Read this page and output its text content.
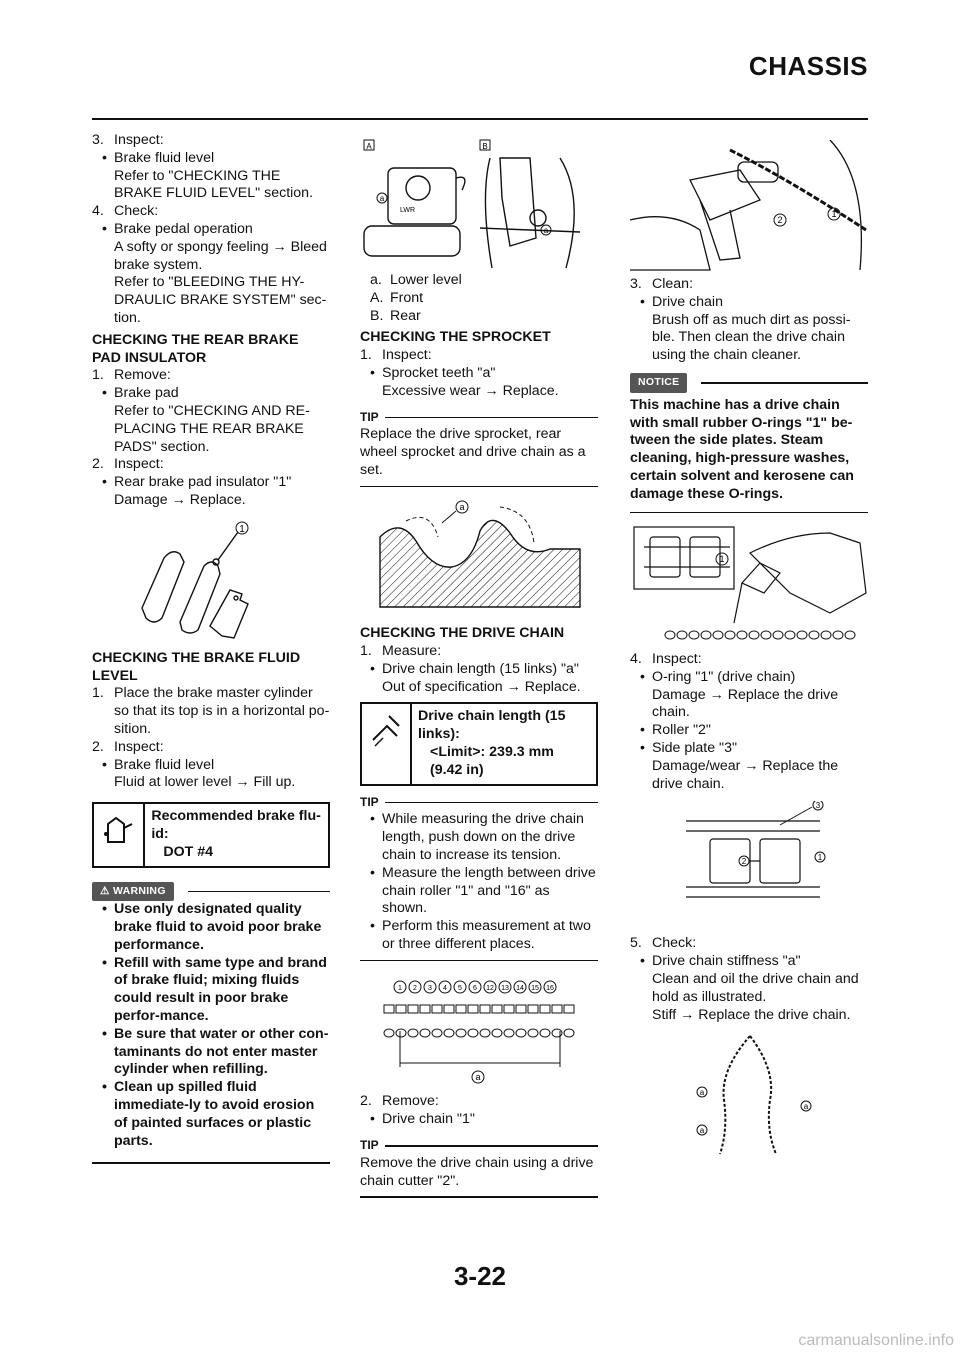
CHASSIS
3. Inspect:
• Brake fluid level
Refer to "CHECKING THE BRAKE FLUID LEVEL" section.
4. Check:
• Brake pedal operation
A softy or spongy feeling → Bleed brake system.
Refer to "BLEEDING THE HY-DRAULIC BRAKE SYSTEM" sec-tion.
CHECKING THE REAR BRAKE PAD INSULATOR
1. Remove:
• Brake pad
Refer to "CHECKING AND RE-PLACING THE REAR BRAKE PADS" section.
2. Inspect:
• Rear brake pad insulator "1"
Damage → Replace.
1
CHECKING THE BRAKE FLUID LEVEL
1. Place the brake master cylinder so that its top is in a horizontal po-sition.
2. Inspect:
• Brake fluid level
Fluid at lower level → Fill up.
Recommended brake flu-id:
DOT #4
⚠ WARNING
• Use only designated quality brake fluid to avoid poor brake performance.
• Refill with same type and brand of brake fluid; mixing fluids could result in poor brake perfor-mance.
• Be sure that water or other con-taminants do not enter master cylinder when refilling.
• Clean up spilled fluid immediate-ly to avoid erosion of painted surfaces or plastic parts.
A	B
LWR
a
a
a. Lower level
A. Front
B. Rear
CHECKING THE SPROCKET
1. Inspect:
• Sprocket teeth "a"
Excessive wear → Replace.
TIP
Replace the drive sprocket, rear wheel sprocket and drive chain as a set.
a
CHECKING THE DRIVE CHAIN
1. Measure:
• Drive chain length (15 links) "a"
Out of specification → Replace.
Drive chain length (15 links):
<Limit>: 239.3 mm (9.42 in)
TIP
• While measuring the drive chain length, push down on the drive chain to increase its tension.
• Measure the length between drive chain roller "1" and "16" as shown.
• Perform this measurement at two or three different places.
1 2 3 4 5 6 12 13 14 15 16
a
2. Remove:
• Drive chain "1"
TIP
Remove the drive chain using a drive chain cutter "2".
2
1
3. Clean:
• Drive chain
Brush off as much dirt as possi-ble. Then clean the drive chain using the chain cleaner.
NOTICE
This machine has a drive chain with small rubber O-rings "1" be-tween the side plates. Steam cleaning, high-pressure washes, certain solvent and kerosene can damage these O-rings.
1
4. Inspect:
• O-ring "1" (drive chain)
Damage → Replace the drive chain.
• Roller "2"
• Side plate "3"
Damage/wear → Replace the drive chain.
3
2	1
5. Check:
• Drive chain stiffness "a"
Clean and oil the drive chain and hold as illustrated.
Stiff → Replace the drive chain.
a
a
a
3-22
carmanualsonline.info
